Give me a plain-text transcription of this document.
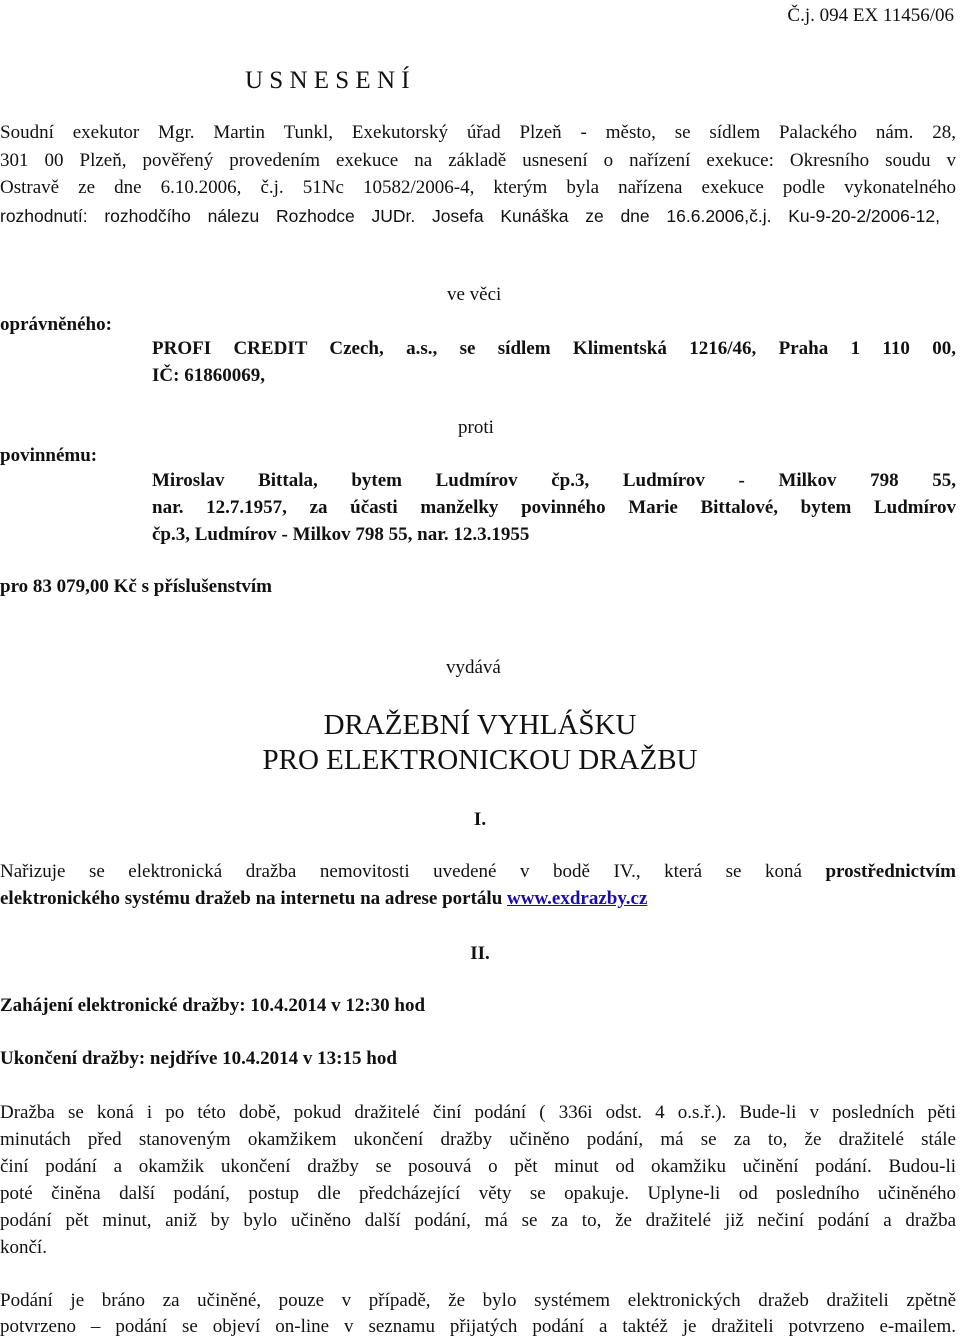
Č.j. 094 EX 11456/06
U S N E S E N Í
Soudní exekutor Mgr. Martin Tunkl, Exekutorský úřad Plzeň - město, se sídlem Palackého nám. 28,
301 00 Plzeň, pověřený provedením exekuce na základě usnesení o nařízení exekuce: Okresního soudu v
Ostravě ze dne 6.10.2006, č.j. 51Nc 10582/2006-4, kterým byla nařízena exekuce podle vykonatelného
rozhodnutí: rozhodčího nálezu Rozhodce JUDr. Josefa Kunáška ze dne 16.6.2006,č.j. Ku-9-20-2/2006-12,
ve věci
oprávněného:
PROFI CREDIT Czech, a.s., se sídlem Klimentská 1216/46, Praha 1 110 00,
IČ: 61860069,
proti
povinnému:
Miroslav Bittala, bytem Ludmírov čp.3, Ludmírov - Milkov 798 55,
nar. 12.7.1957, za účasti manželky povinného Marie Bittalové, bytem Ludmírov
čp.3, Ludmírov - Milkov 798 55, nar. 12.3.1955
pro 83 079,00 Kč s příslušenstvím
vydává
DRAŽEBNÍ VYHLÁŠKU
PRO ELEKTRONICKOU DRAŽBU
I.
Nařizuje se elektronická dražba nemovitosti uvedené v bodě IV., která se koná prostřednictvím
elektronického systému dražeb na internetu na adrese portálu www.exdrazby.cz
II.
Zahájení elektronické dražby: 10.4.2014 v 12:30 hod
Ukončení dražby: nejdříve 10.4.2014 v 13:15 hod
Dražba se koná i po této době, pokud dražitelé činí podání ( 336i odst. 4 o.s.ř.). Bude-li v posledních pěti
minutách před stanoveným okamžikem ukončení dražby učiněno podání, má se za to, že dražitelé stále
činí podání a okamžik ukončení dražby se posouvá o pět minut od okamžiku učinění podání. Budou-li
poté činěna další podání, postup dle předcházející věty se opakuje. Uplyne-li od posledního učiněného
podání pět minut, aniž by bylo učiněno další podání, má se za to, že dražitelé již nečiní podání a dražba
končí.
Podání je bráno za učiněné, pouze v případě, že bylo systémem elektronických dražeb dražiteli zpětně
potvrzeno – podání se objeví on-line v seznamu přijatých podání a taktéž je dražiteli potvrzeno e-mailem.
